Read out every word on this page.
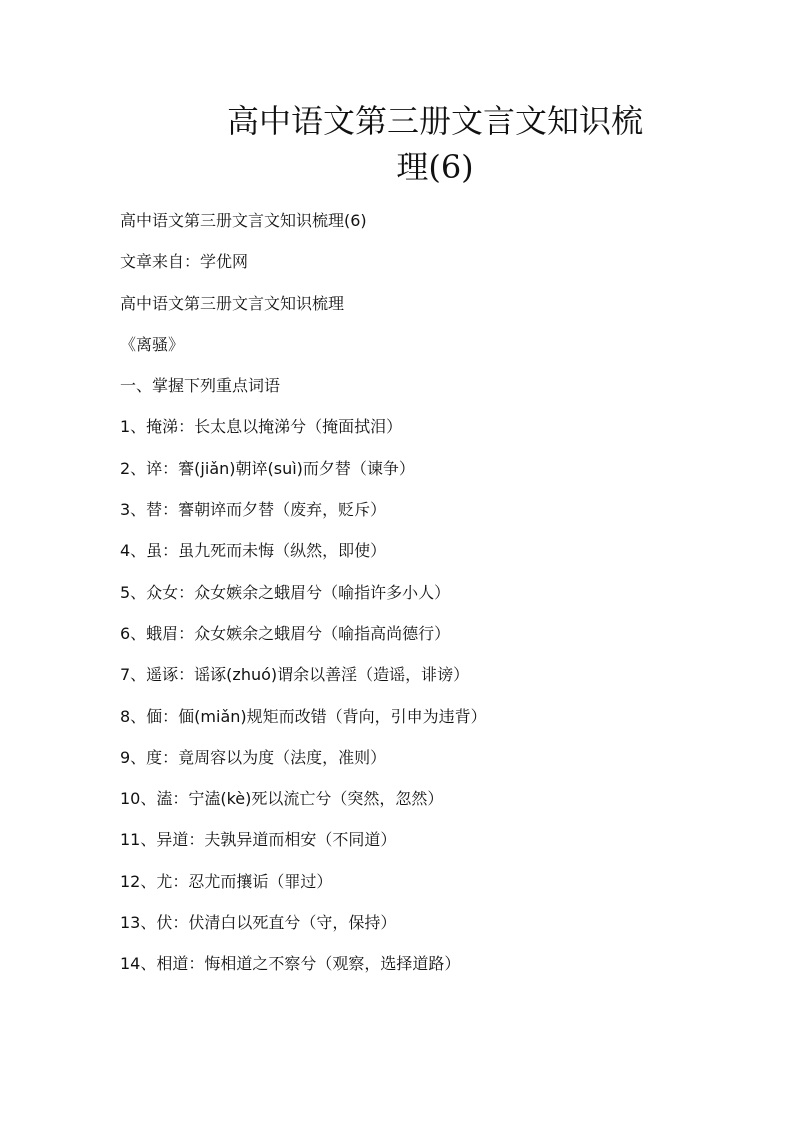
高中语文第三册文言文知识梳
理(6)

高中语文第三册文言文知识梳理(6)

文章来自：学优网

高中语文第三册文言文知识梳理

《离骚》

一、掌握下列重点词语

1、掩涕：长太息以掩涕兮（掩面拭泪）

2、谇：謇(jiǎn)朝谇(suì)而夕替（谏争）

3、替：謇朝谇而夕替（废弃，贬斥）

4、虽：虽九死而未悔（纵然，即使）

5、众女：众女嫉余之蛾眉兮（喻指许多小人）

6、蛾眉：众女嫉余之蛾眉兮（喻指高尚德行）

7、遥诼：谣诼(zhuó)谓余以善淫（造谣，诽谤）

8、偭：偭(miǎn)规矩而改错（背向，引申为违背）

9、度：竟周容以为度（法度，准则）

10、溘：宁溘(kè)死以流亡兮（突然，忽然）

11、异道：夫孰异道而相安（不同道）

12、尤：忍尤而攘诟（罪过）

13、伏：伏清白以死直兮（守，保持）

14、相道：悔相道之不察兮（观察，选择道路）
